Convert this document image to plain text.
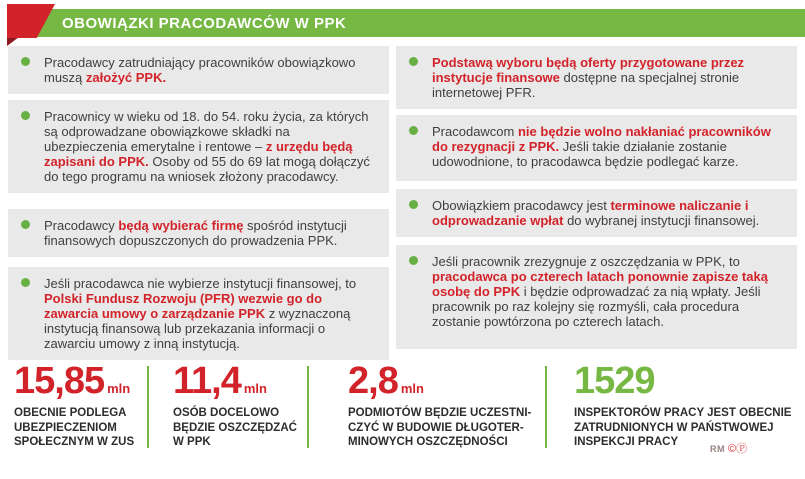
OBOWIĄZKI PRACODAWCÓW W PPK

Pracodawcy zatrudniający pracowników obowiązkowo muszą założyć PPK.

Pracownicy w wieku od 18. do 54. roku życia, za których są odprowadzane obowiązkowe składki na ubezpieczenia emerytalne i rentowe – z urzędu będą zapisani do PPK. Osoby od 55 do 69 lat mogą dołączyć do tego programu na wniosek złożony pracodawcy.

Pracodawcy będą wybierać firmę spośród instytucji finansowych dopuszczonych do prowadzenia PPK.

Jeśli pracodawca nie wybierze instytucji finansowej, to Polski Fundusz Rozwoju (PFR) wezwie go do zawarcia umowy o zarządzanie PPK z wyznaczoną instytucją finansową lub przekazania informacji o zawarciu umowy z inną instytucją.

Podstawą wyboru będą oferty przygotowane przez instytucje finansowe dostępne na specjalnej stronie internetowej PFR.

Pracodawcom nie będzie wolno nakłaniać pracowników do rezygnacji z PPK. Jeśli takie działanie zostanie udowodnione, to pracodawca będzie podlegać karze.

Obowiązkiem pracodawcy jest terminowe naliczanie i odprowadzanie wpłat do wybranej instytucji finansowej.

Jeśli pracownik zrezygnuje z oszczędzania w PPK, to pracodawca po czterech latach ponownie zapisze taką osobę do PPK i będzie odprowadzać za nią wpłaty. Jeśli pracownik po raz kolejny się rozmyśli, cała procedura zostanie powtórzona po czterech latach.

15,85 mln
OBECNIE PODLEGA
UBEZPIECZENIOM
SPOŁECZNYM W ZUS
11,4 mln
OSÓB DOCELOWO
BĘDZIE OSZCZĘDZAĆ
W PPK
2,8 mln
PODMIOTÓW BĘDZIE UCZESTNI-
CZYĆ W BUDOWIE DŁUGOTER-
MINOWYCH OSZCZĘDNOŚCI
1529
INSPEKTORÓW PRACY JEST OBECNIE
ZATRUDNIONYCH W PAŃSTWOWEJ
INSPEKCJI PRACY
RM ©Ⓟ
